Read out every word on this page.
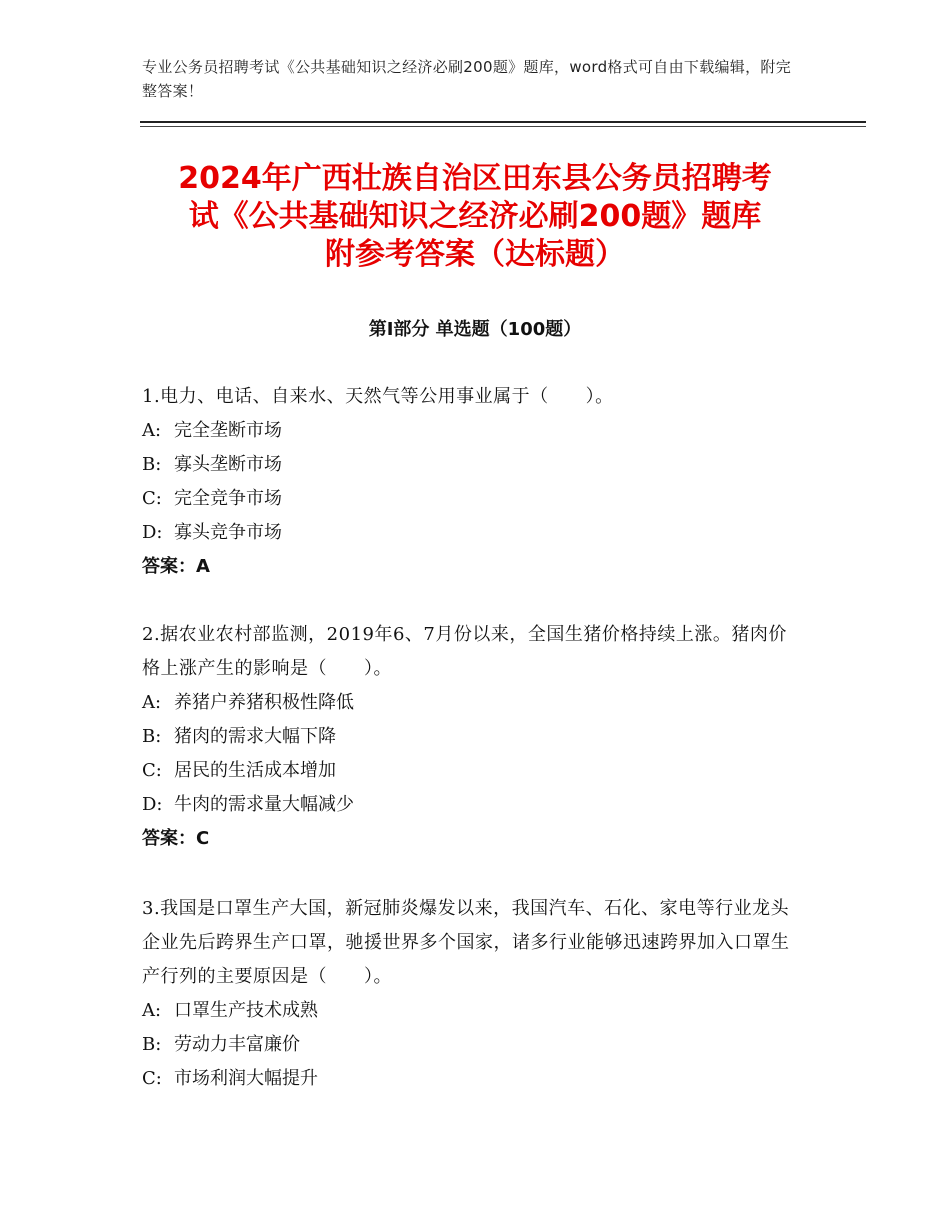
专业公务员招聘考试《公共基础知识之经济必刷200题》题库，word格式可自由下载编辑，附完整答案！
2024年广西壮族自治区田东县公务员招聘考
试《公共基础知识之经济必刷200题》题库
附参考答案（达标题）
第Ⅰ部分 单选题（100题）
1.电力、电话、自来水、天然气等公用事业属于（　　）。
A: 完全垄断市场
B: 寡头垄断市场
C: 完全竞争市场
D: 寡头竞争市场
答案：A
2.据农业农村部监测，2019年6、7月份以来，全国生猪价格持续上涨。猪肉价格上涨产生的影响是（　　）。
A: 养猪户养猪积极性降低
B: 猪肉的需求大幅下降
C: 居民的生活成本增加
D: 牛肉的需求量大幅减少
答案：C
3.我国是口罩生产大国，新冠肺炎爆发以来，我国汽车、石化、家电等行业龙头企业先后跨界生产口罩，驰援世界多个国家，诸多行业能够迅速跨界加入口罩生产行列的主要原因是（　　）。
A: 口罩生产技术成熟
B: 劳动力丰富廉价
C: 市场利润大幅提升
